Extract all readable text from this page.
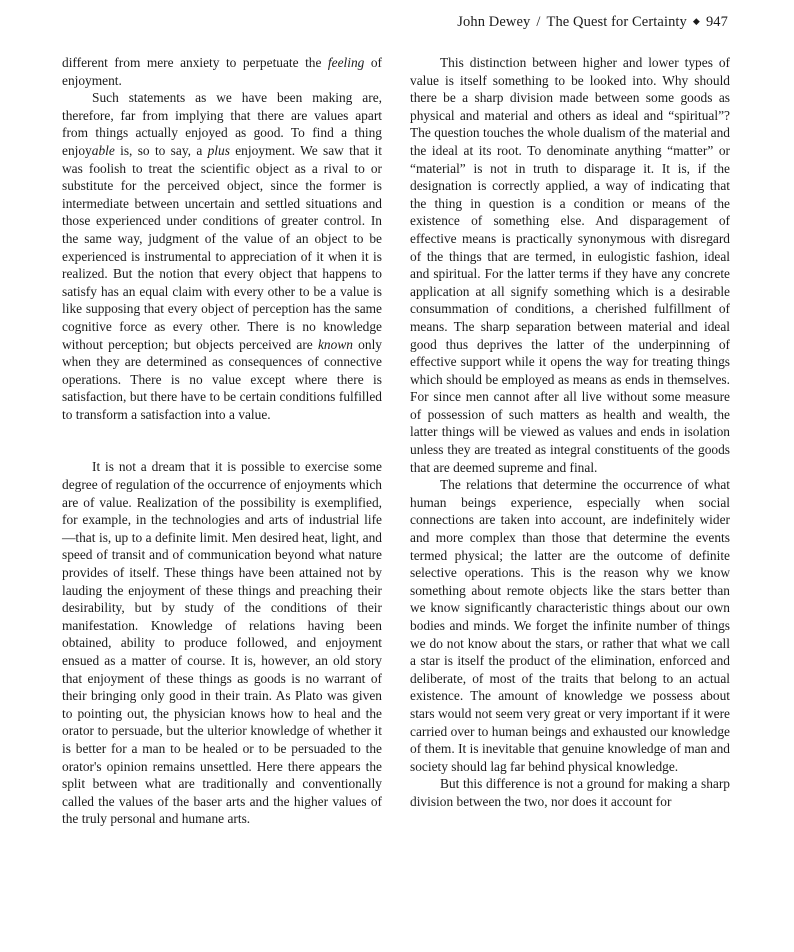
John Dewey / The Quest for Certainty ◆ 947

different from mere anxiety to perpetuate the feeling of enjoyment.

Such statements as we have been making are, therefore, far from implying that there are values apart from things actually enjoyed as good. To find a thing enjoyable is, so to say, a plus enjoyment. We saw that it was foolish to treat the scientific object as a rival to or substitute for the perceived object, since the former is intermediate between uncertain and settled situations and those experienced under conditions of greater control. In the same way, judgment of the value of an object to be experienced is instrumental to appreciation of it when it is realized. But the notion that every object that happens to satisfy has an equal claim with every other to be a value is like supposing that every object of perception has the same cognitive force as every other. There is no knowledge without perception; but objects perceived are known only when they are determined as consequences of connective operations. There is no value except where there is satisfaction, but there have to be certain conditions fulfilled to transform a satisfaction into a value.

It is not a dream that it is possible to exercise some degree of regulation of the occurrence of enjoyments which are of value. Realization of the possibility is exemplified, for example, in the technologies and arts of industrial life—that is, up to a definite limit. Men desired heat, light, and speed of transit and of communication beyond what nature provides of itself. These things have been attained not by lauding the enjoyment of these things and preaching their desirability, but by study of the conditions of their manifestation. Knowledge of relations having been obtained, ability to produce followed, and enjoyment ensued as a matter of course. It is, however, an old story that enjoyment of these things as goods is no warrant of their bringing only good in their train. As Plato was given to pointing out, the physician knows how to heal and the orator to persuade, but the ulterior knowledge of whether it is better for a man to be healed or to be persuaded to the orator's opinion remains unsettled. Here there appears the split between what are traditionally and conventionally called the values of the baser arts and the higher values of the truly personal and humane arts.

This distinction between higher and lower types of value is itself something to be looked into. Why should there be a sharp division made between some goods as physical and material and others as ideal and “spiritual”? The question touches the whole dualism of the material and the ideal at its root. To denominate anything “matter” or “material” is not in truth to disparage it. It is, if the designation is correctly applied, a way of indicating that the thing in question is a condition or means of the existence of something else. And disparagement of effective means is practically synonymous with disregard of the things that are termed, in eulogistic fashion, ideal and spiritual. For the latter terms if they have any concrete application at all signify something which is a desirable consummation of conditions, a cherished fulfillment of means. The sharp separation between material and ideal good thus deprives the latter of the underpinning of effective support while it opens the way for treating things which should be employed as means as ends in themselves. For since men cannot after all live without some measure of possession of such matters as health and wealth, the latter things will be viewed as values and ends in isolation unless they are treated as integral constituents of the goods that are deemed supreme and final.

The relations that determine the occurrence of what human beings experience, especially when social connections are taken into account, are indefinitely wider and more complex than those that determine the events termed physical; the latter are the outcome of definite selective operations. This is the reason why we know something about remote objects like the stars better than we know significantly characteristic things about our own bodies and minds. We forget the infinite number of things we do not know about the stars, or rather that what we call a star is itself the product of the elimination, enforced and deliberate, of most of the traits that belong to an actual existence. The amount of knowledge we possess about stars would not seem very great or very important if it were carried over to human beings and exhausted our knowledge of them. It is inevitable that genuine knowledge of man and society should lag far behind physical knowledge.

But this difference is not a ground for making a sharp division between the two, nor does it account for
